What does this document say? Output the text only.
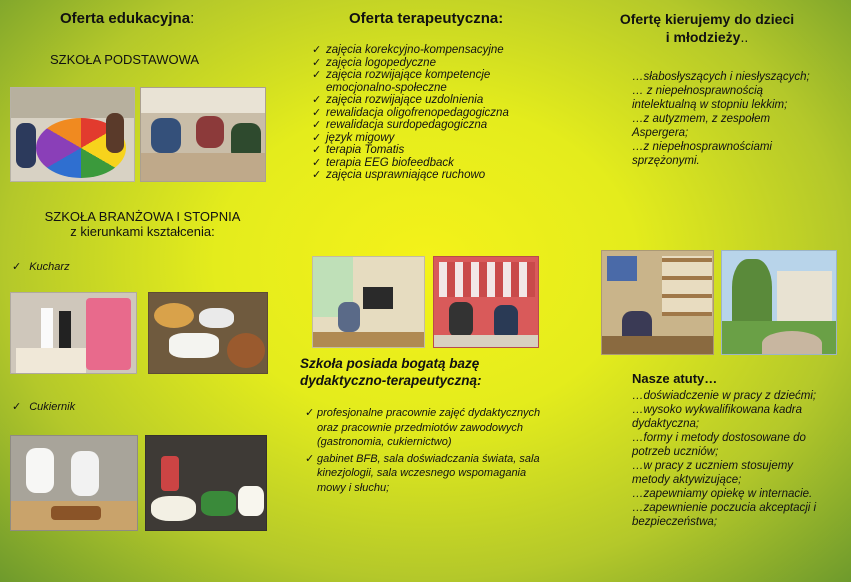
Oferta edukacyjna:
SZKOŁA PODSTAWOWA
SZKOŁA BRANŻOWA I STOPNIA
z kierunkami kształcenia:
✓ Kucharz
✓ Cukiernik
Oferta terapeutyczna:
✓ zajęcia korekcyjno-kompensacyjne
✓ zajęcia logopedyczne
✓ zajęcia rozwijające kompetencje emocjonalno-społeczne
✓ zajęcia rozwijające uzdolnienia
✓ rewalidacja oligofrenopedagogiczna
✓ rewalidacja surdopedagogiczna
✓ język migowy
✓ terapia Tomatis
✓ terapia EEG biofeedback
✓ zajęcia usprawniające ruchowo
Szkoła posiada bogatą bazę
dydaktyczno-terapeutyczną:
✓ profesjonalne pracownie zajęć dydaktycznych oraz pracownie przedmiotów zawodowych (gastronomia, cukiernictwo)
✓ gabinet BFB, sala doświadczania świata, sala kinezjologii, sala wczesnego wspomagania mowy i słuchu;
Ofertę kierujemy do dzieci
i młodzieży..
…słabosłyszących i niesłyszących;
… z niepełnosprawnością intelektualną w stopniu lekkim;
…z autyzmem, z zespołem Aspergera;
…z niepełnosprawnościami sprzężonymi.
Nasze atuty…
…doświadczenie w pracy z dziećmi;
…wysoko wykwalifikowana kadra dydaktyczna;
…formy i metody dostosowane do potrzeb uczniów;
…w pracy z uczniem stosujemy metody aktywizujące;
…zapewniamy opiekę w internacie.
…zapewnienie poczucia akceptacji i bezpieczeństwa;
